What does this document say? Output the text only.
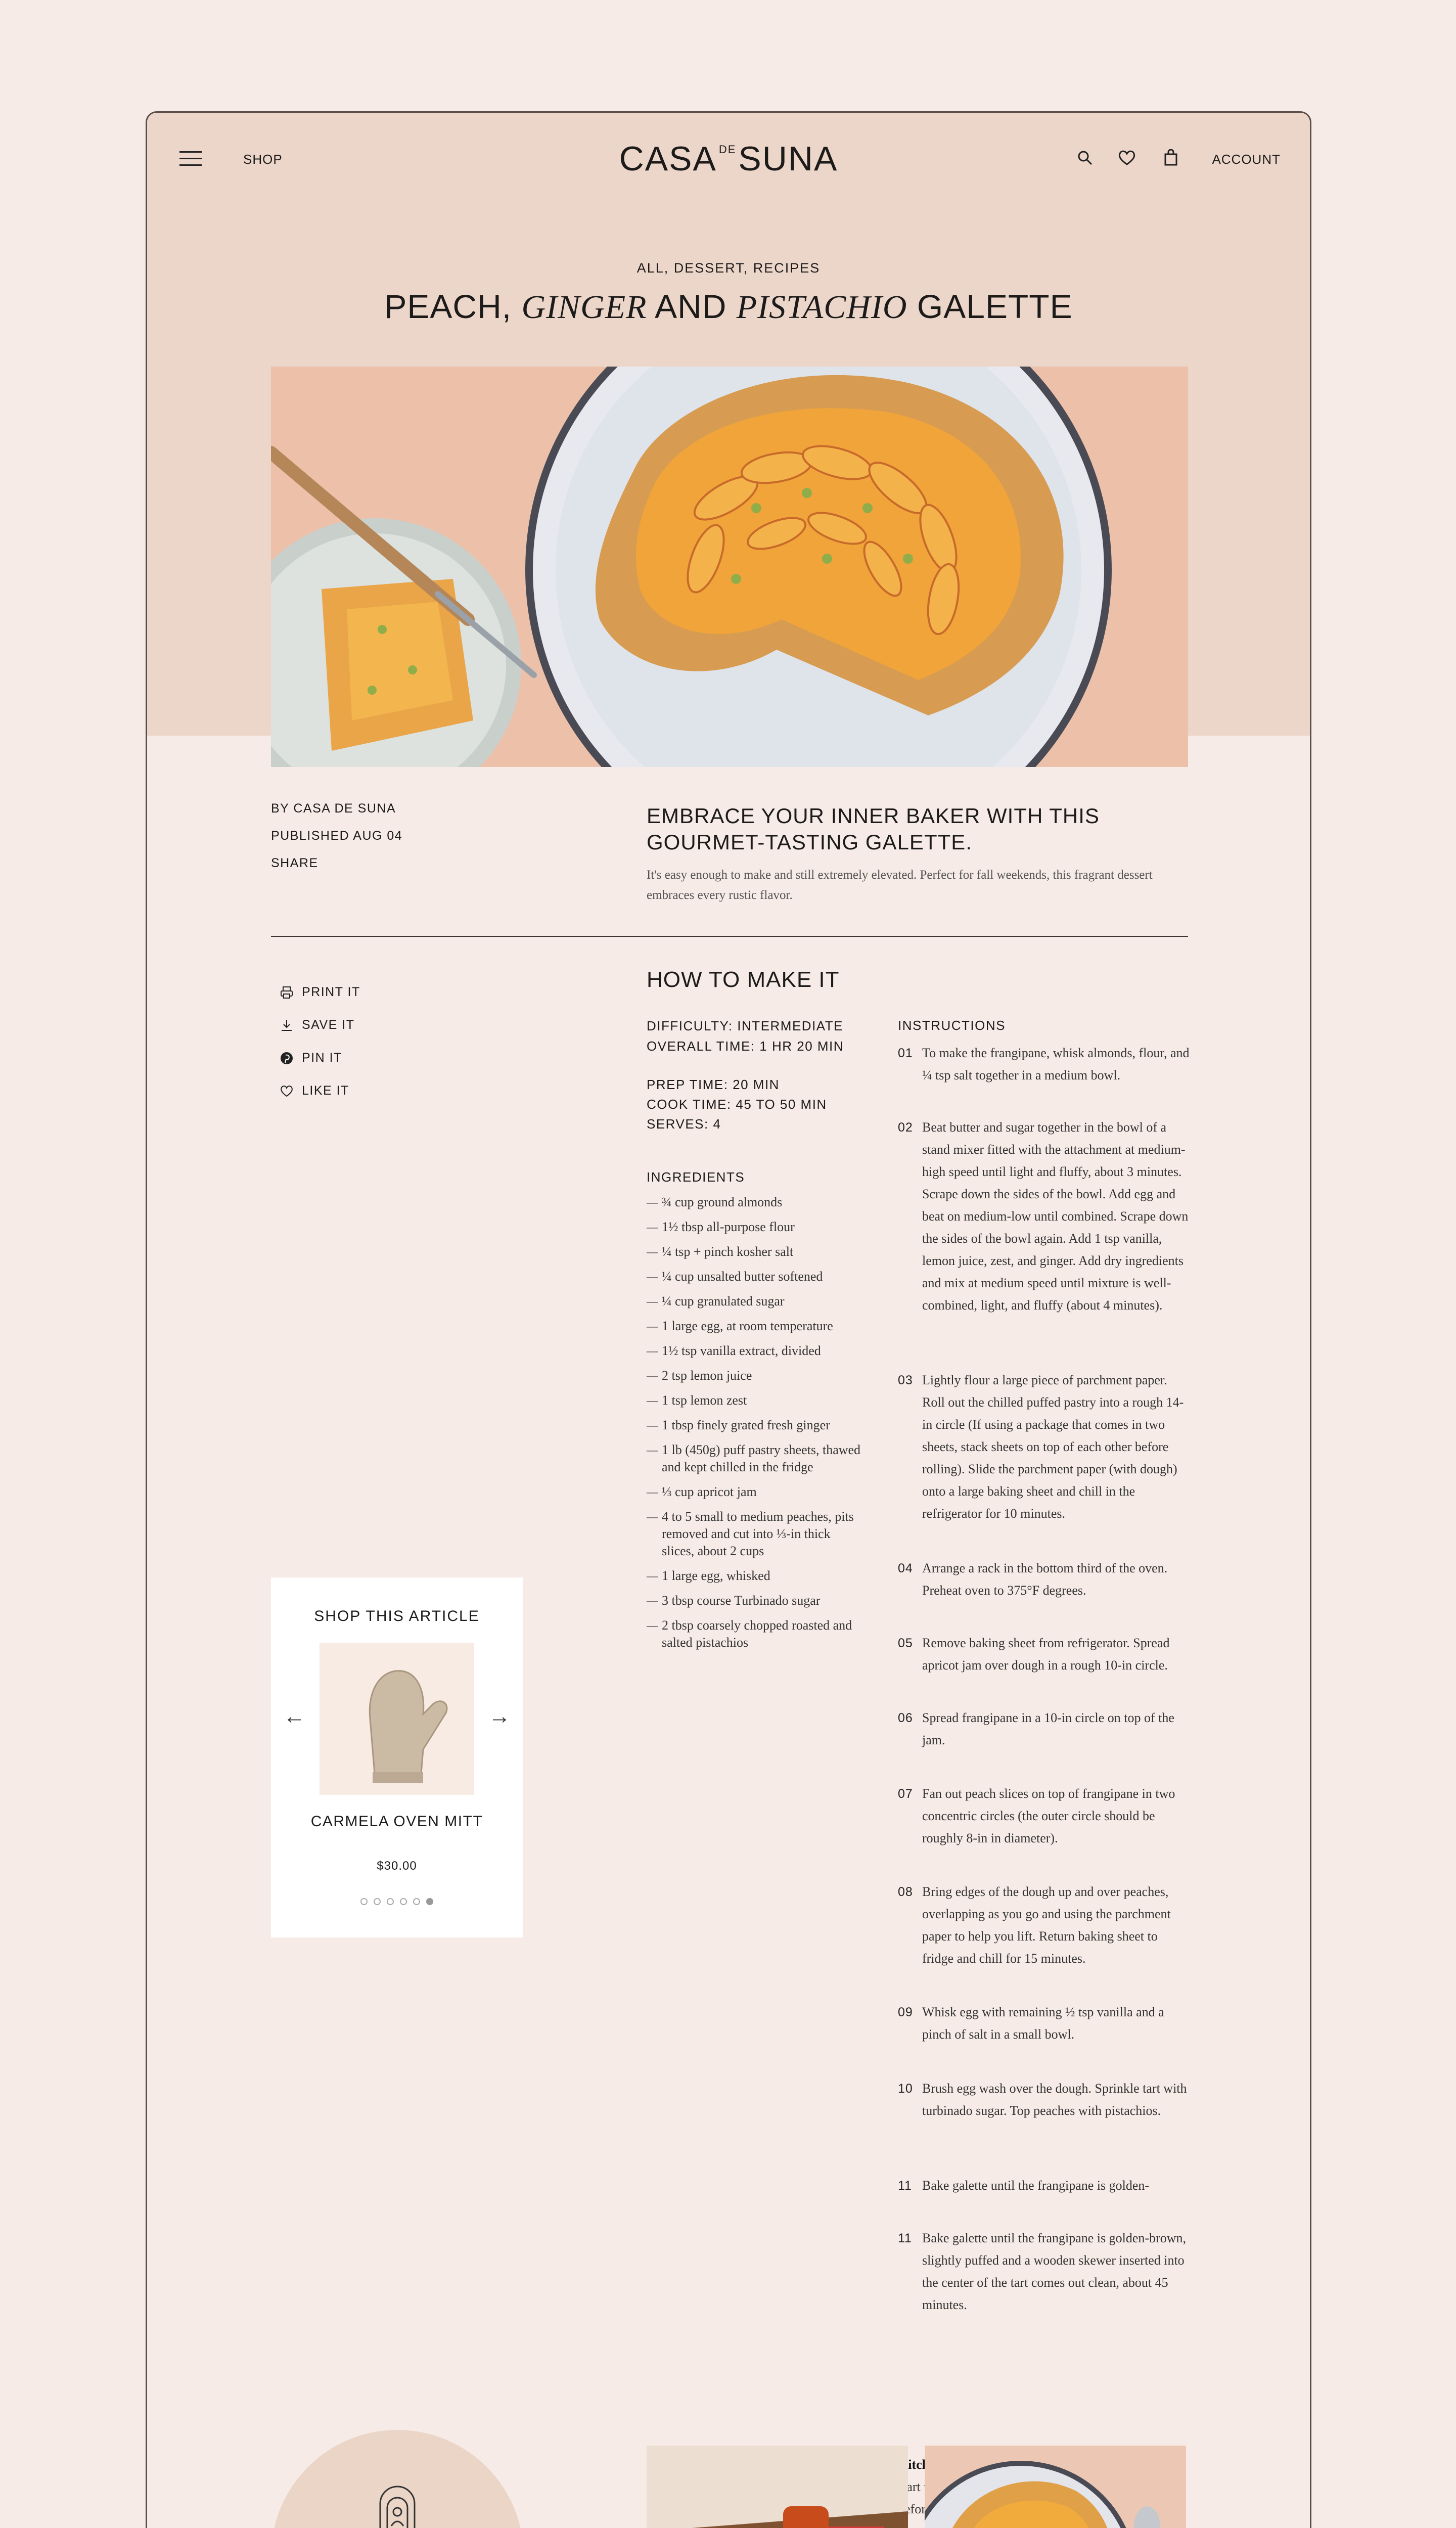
SHOP	CASA $^{DE}$SUNA	ACCOUNT
ALL, DESSERT, RECIPES
PEACH, GINGER AND PISTACHIO GALETTE
BY CASA DE SUNA
PUBLISHED AUG 04
SHARE
EMBRACE YOUR INNER BAKER WITH THIS GOURMET-TASTING GALETTE.
It's easy enough to make and still extremely elevated. Perfect for fall weekends, this fragrant dessert embraces every rustic flavor.
PRINT IT
SAVE IT
PIN IT
LIKE IT
HOW TO MAKE IT
DIFFICULTY: INTERMEDIATE
OVERALL TIME: 1 HR 20 MIN
PREP TIME: 20 MIN
COOK TIME: 45 TO 50 MIN
SERVES: 4
INGREDIENTS
— ¾ cup ground almonds
— 1½ tbsp all-purpose flour
— ¼ tsp + pinch kosher salt
— ¼ cup unsalted butter softened
— ¼ cup granulated sugar
— 1 large egg, at room temperature
— 1½ tsp vanilla extract, divided
— 2 tsp lemon juice
— 1 tsp lemon zest
— 1 tbsp finely grated fresh ginger
— 1 lb (450g) puff pastry sheets, thawed and kept chilled in the fridge
— ⅓ cup apricot jam
— 4 to 5 small to medium peaches, pits removed and cut into ⅓-in thick slices, about 2 cups
— 1 large egg, whisked
— 3 tbsp course Turbinado sugar
— 2 tbsp coarsely chopped roasted and salted pistachios
INSTRUCTIONS
01 To make the frangipane, whisk almonds, flour, and ¼ tsp salt together in a medium bowl.
02 Beat butter and sugar together in the bowl of a stand mixer fitted with the attachment at medium-high speed until light and fluffy, about 3 minutes. Scrape down the sides of the bowl. Add egg and beat on medium-low until combined. Scrape down the sides of the bowl again. Add 1 tsp vanilla, lemon juice, zest, and ginger. Add dry ingredients and mix at medium speed until mixture is well-combined, light, and fluffy (about 4 minutes).
03 Lightly flour a large piece of parchment paper. Roll out the chilled puffed pastry into a rough 14-in circle (If using a package that comes in two sheets, stack sheets on top of each other before rolling). Slide the parchment paper (with dough) onto a large baking sheet and chill in the refrigerator for 10 minutes.
04 Arrange a rack in the bottom third of the oven. Preheat oven to 375°F degrees.
05 Remove baking sheet from refrigerator. Spread apricot jam over dough in a rough 10-in circle.
06 Spread frangipane in a 10-in circle on top of the jam.
07 Fan out peach slices on top of frangipane in two concentric circles (the outer circle should be roughly 8-in in diameter).
08 Bring edges of the dough up and over peaches, overlapping as you go and using the parchment paper to help you lift. Return baking sheet to fridge and chill for 15 minutes.
09 Whisk egg with remaining ½ tsp vanilla and a pinch of salt in a small bowl.
10 Brush egg wash over the dough. Sprinkle tart with turbinado sugar. Top peaches with pistachios.
11 Bake galette until the frangipane is golden-
11 Bake galette until the frangipane is golden-brown, slightly puffed and a wooden skewer inserted into the center of the tart comes out clean, about 45 minutes.
Kitchen start before
SHOP THIS ARTICLE
←	→
CARMELA OVEN MITT
$30.00
